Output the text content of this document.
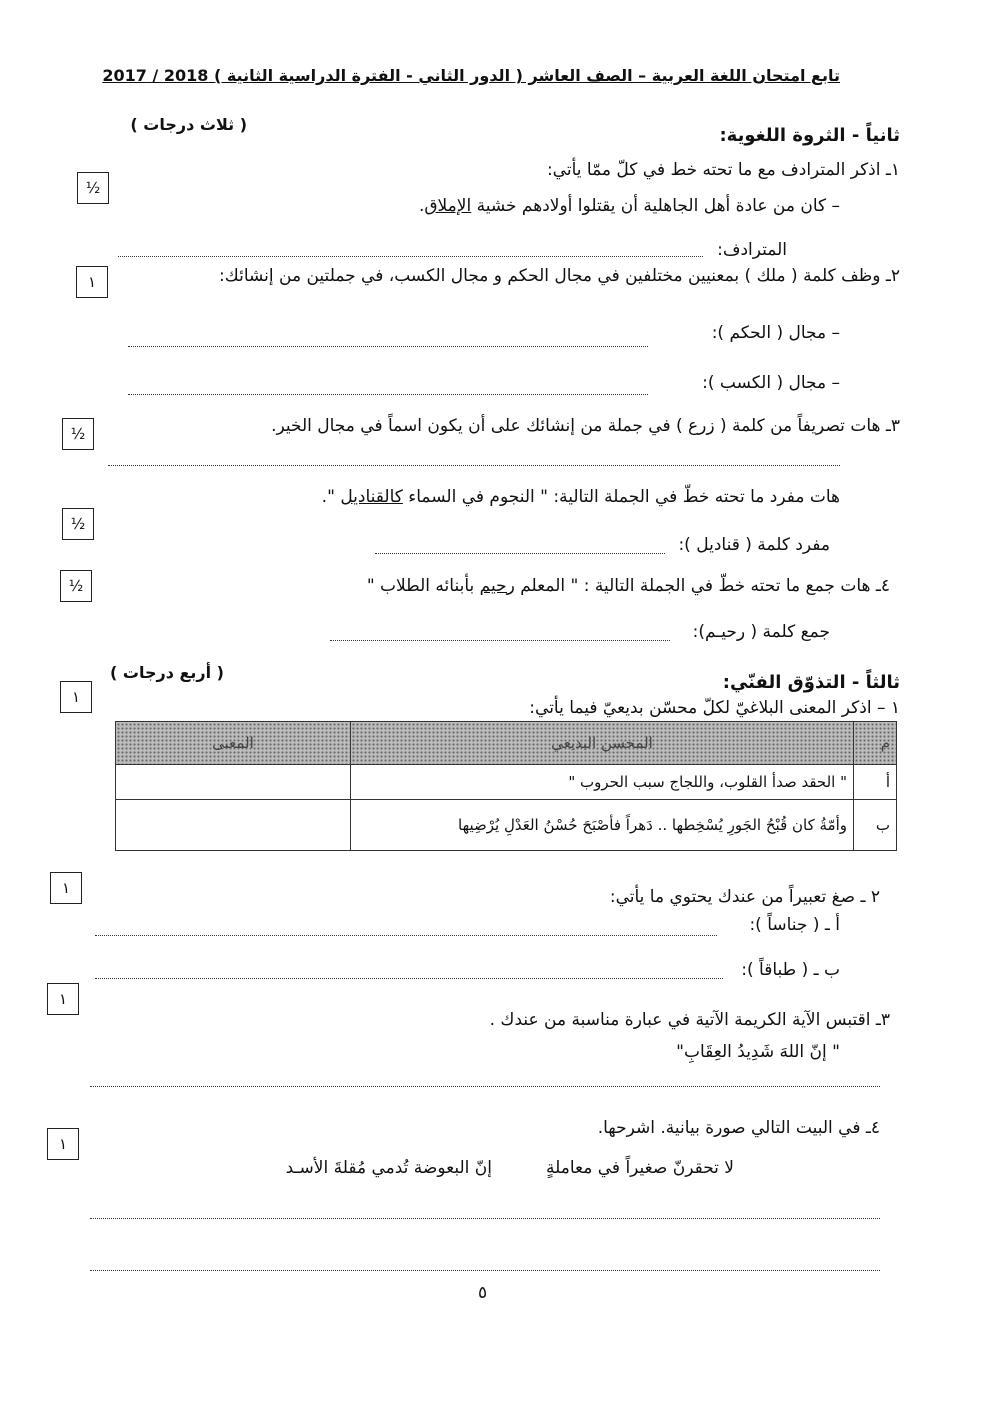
تابع امتحان اللغة العربية – الصف العاشر ( الدور الثاني - الفترة الدراسية الثانية ) 2018 / 2017
ثانياً - الثروة اللغوية:
( ثلاث درجات )
١ـ اذكر المترادف مع ما تحته خط في كلّ ممّا يأتي:
½
– كان من عادة أهل الجاهلية أن يقتلوا أولادهم خشية الإملاق.
المترادف:
٢ـ وظف كلمة ( ملك ) بمعنيين مختلفين في مجال الحكم و مجال الكسب، في جملتين من إنشائك:
١
– مجال ( الحكم ):
– مجال ( الكسب ):
٣ـ هات تصريفاً من كلمة ( زرع ) في جملة من إنشائك على أن يكون اسماً في مجال الخير.
½
هات مفرد ما تحته خطّ في الجملة التالية: " النجوم في السماء كالقناديل ".
½
مفرد كلمة ( قناديل ):
٤ـ هات جمع ما تحته خطّ في الجملة التالية : " المعلم رحيم بأبنائه الطلاب "
½
جمع كلمة ( رحيـم):
ثالثاً - التذوّق الفنّي:
( أربع درجات )
١ – اذكر المعنى البلاغيّ لكلّ محسّن بديعيّ فيما يأتي:
١
م	المحسن البديعي	المعنى
أ	" الحقد صدأ القلوب، واللجاج سبب الحروب "	
ب	وأمّةُ كان قُبْحُ الجَورِ يُسْخِطها .. دَهراً فأصْبَحَ حُسْنُ العَدْلِ يُرْضِيها	
٢ ـ صغ تعبيراً من عندك يحتوي ما يأتي:
١
أ ـ ( جناساً ):
ب ـ ( طباقاً ):
٣ـ اقتبس الآية الكريمة الآتية في عبارة مناسبة من عندك .
١
" إنّ اللهَ شَدِيدُ العِقَابِ"
٤ـ في البيت التالي صورة بيانية. اشرحها.
١
لا تحقرنّ صغيراً في معاملةٍ
إنّ البعوضة تُدمي مُقلةَ الأسـد
٥
